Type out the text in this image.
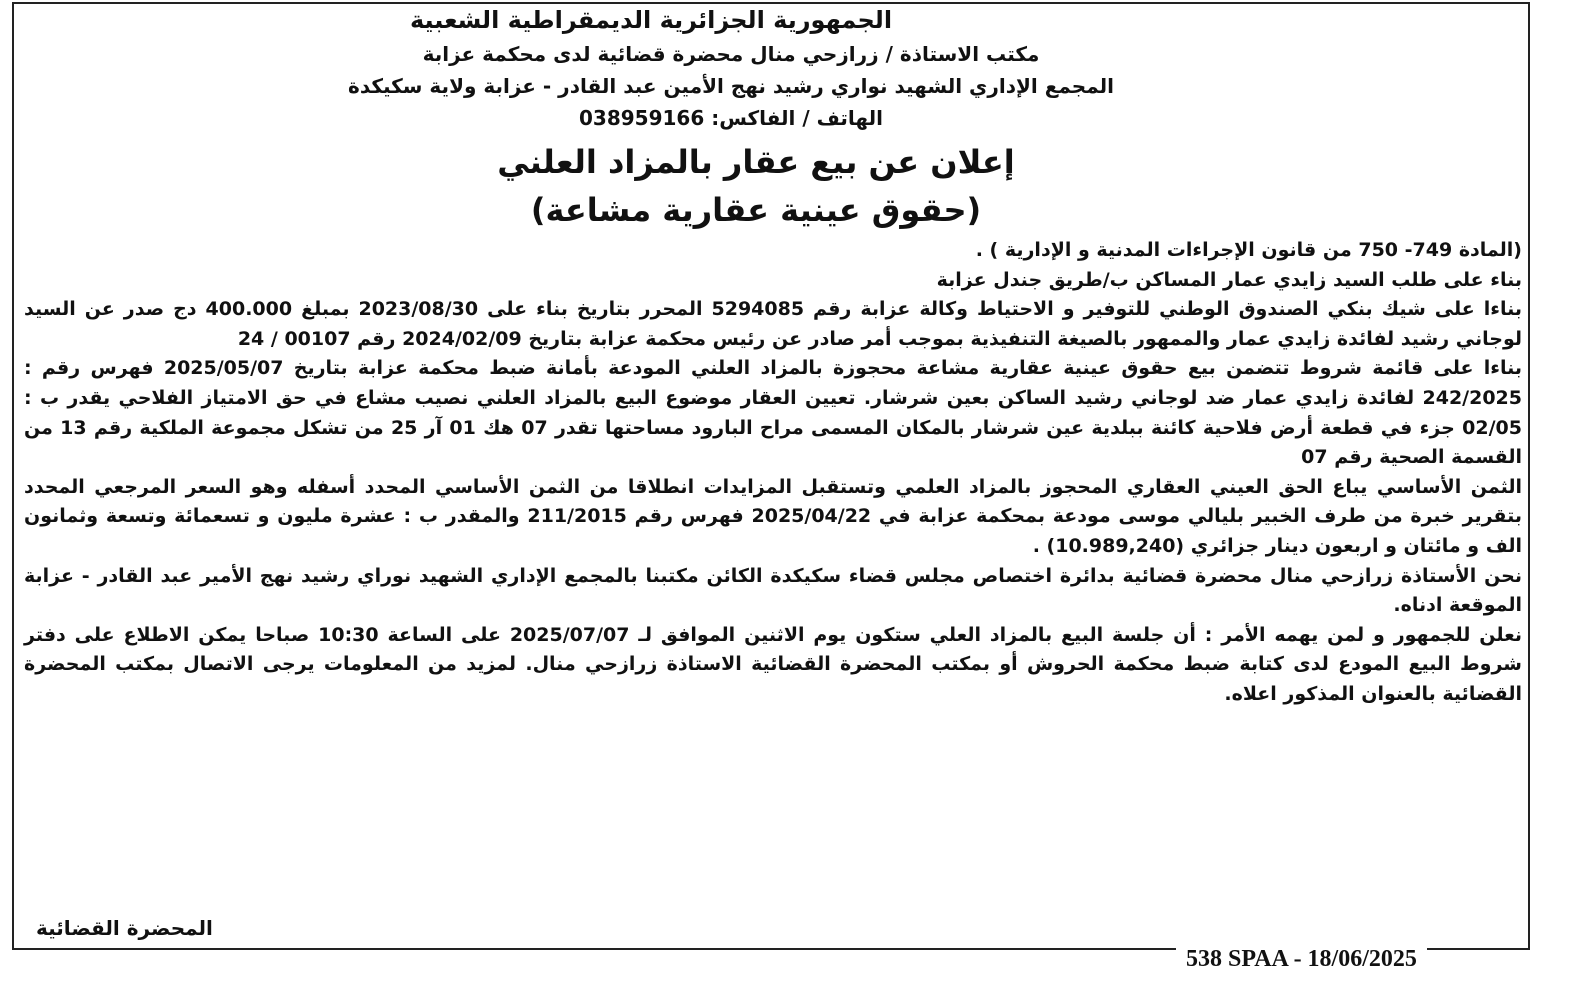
الجمهورية الجزائرية الديمقراطية الشعبية
مكتب الاستاذة / زرازحي منال محضرة قضائية لدى محكمة عزابة
المجمع الإداري الشهيد نواري رشيد نهج الأمين عبد القادر - عزابة ولاية سكيكدة
الهاتف / الفاكس: 038959166
إعلان عن بيع عقار بالمزاد العلني
(حقوق عينية عقارية مشاعة)

(المادة 749- 750 من قانون الإجراءات المدنية و الإدارية ) .

بناء على طلب السيد زايدي عمار المساكن ب/طريق جندل عزابة

بناءا على شيك بنكي الصندوق الوطني للتوفير و الاحتياط وكالة عزابة رقم 5294085 المحرر بتاريخ بناء على 2023/08/30 بمبلغ 400.000 دج صدر عن السيد لوجاني رشيد لفائدة زايدي عمار والممهور بالصيغة التنفيذية بموجب أمر صادر عن رئيس محكمة عزابة بتاريخ 2024/02/09 رقم 00107 / 24

بناءا على قائمة شروط تتضمن بيع حقوق عينية عقارية مشاعة محجوزة بالمزاد العلني المودعة بأمانة ضبط محكمة عزابة بتاريخ 2025/05/07 فهرس رقم : 242/2025 لفائدة زايدي عمار ضد لوجاني رشيد الساكن بعين شرشار. تعيين العقار موضوع البيع بالمزاد العلني نصيب مشاع في حق الامتياز الفلاحي يقدر ب : 02/05 جزء في قطعة أرض فلاحية كائنة ببلدية عين شرشار بالمكان المسمى مراح البارود مساحتها تقدر 07 هك 01 آر 25 من تشكل مجموعة الملكية رقم 13 من القسمة الصحية رقم 07

الثمن الأساسي يباع الحق العيني العقاري المحجوز بالمزاد العلمي وتستقبل المزايدات انطلاقا من الثمن الأساسي المحدد أسفله وهو السعر المرجعي المحدد بتقرير خبرة من طرف الخبير بليالي موسى مودعة بمحكمة عزابة في 2025/04/22 فهرس رقم 211/2015 والمقدر ب : عشرة مليون و تسعمائة وتسعة وثمانون الف و مائتان و اربعون دينار جزائري (10.989,240) .

نحن الأستاذة زرازحي منال محضرة قضائية بدائرة اختصاص مجلس قضاء سكيكدة الكائن مكتبنا بالمجمع الإداري الشهيد نوراي رشيد نهج الأمير عبد القادر - عزابة الموقعة ادناه.

نعلن للجمهور و لمن يهمه الأمر : أن جلسة البيع بالمزاد العلي ستكون يوم الاثنين الموافق لـ 2025/07/07 على الساعة 10:30 صباحا يمكن الاطلاع على دفتر شروط البيع المودع لدى كتابة ضبط محكمة الحروش أو بمكتب المحضرة القضائية الاستاذة زرازحي منال. لمزيد من المعلومات يرجى الاتصال بمكتب المحضرة القضائية بالعنوان المذكور اعلاه.

المحضرة القضائية
538 SPAA - 18/06/2025
